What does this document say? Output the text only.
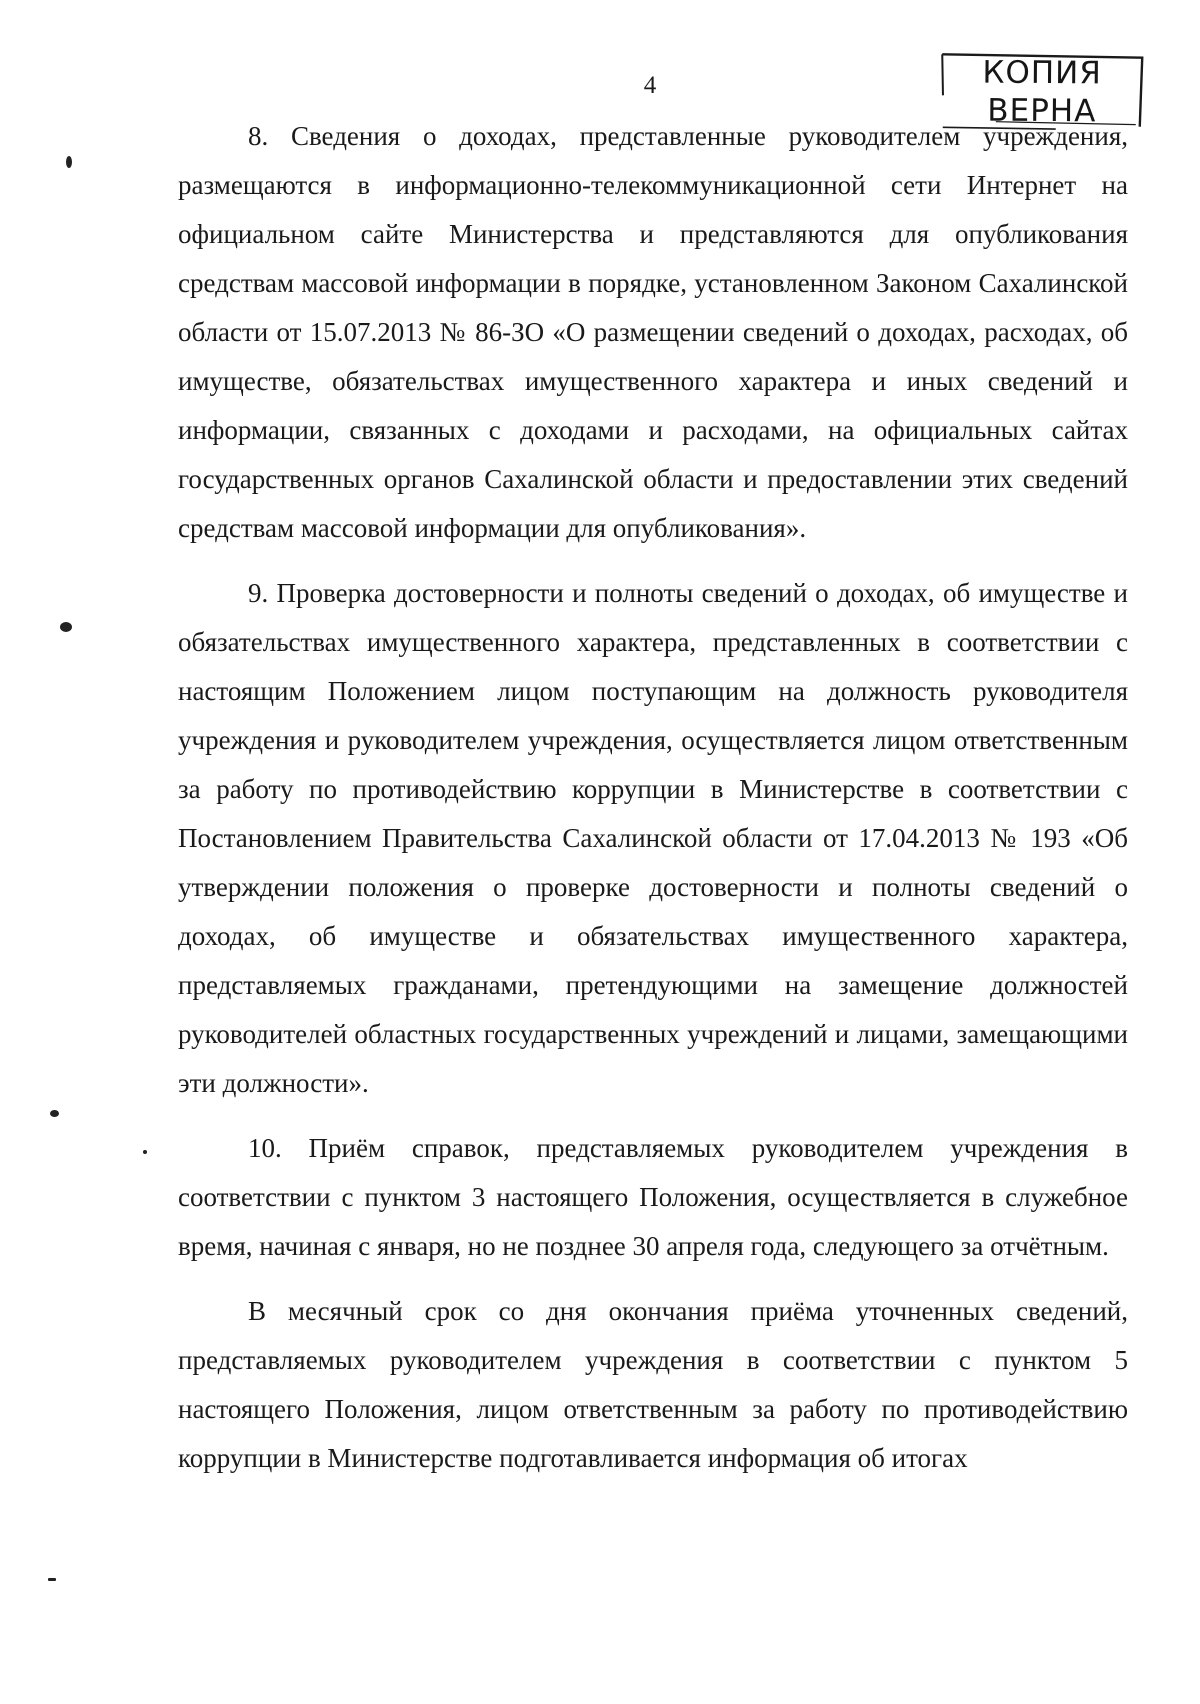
4	КОПИЯ
ВЕРНА

8. Сведения о доходах, представленные руководителем учреждения, размещаются в информационно-телекоммуникационной сети Интернет на официальном сайте Министерства и представляются для опубликования средствам массовой информации в порядке, установленном Законом Сахалинской области от 15.07.2013 № 86-ЗО «О размещении сведений о доходах, расходах, об имуществе, обязательствах имущественного характера и иных сведений и информации, связанных с доходами и расходами, на официальных сайтах государственных органов Сахалинской области и предоставлении этих сведений средствам массовой информации для опубликования».

9. Проверка достоверности и полноты сведений о доходах, об имуществе и обязательствах имущественного характера, представленных в соответствии с настоящим Положением лицом поступающим на должность руководителя учреждения и руководителем учреждения, осуществляется лицом ответственным за работу по противодействию коррупции в Министерстве в соответствии с Постановлением Правительства Сахалинской области от 17.04.2013 № 193 «Об утверждении положения о проверке достоверности и полноты сведений о доходах, об имуществе и обязательствах имущественного характера, представляемых гражданами, претендующими на замещение должностей руководителей областных государственных учреждений и лицами, замещающими эти должности».

10. Приём справок, представляемых руководителем учреждения в соответствии с пунктом 3 настоящего Положения, осуществляется в служебное время, начиная с января, но не позднее 30 апреля года, следующего за отчётным.

В месячный срок со дня окончания приёма уточненных сведений, представляемых руководителем учреждения в соответствии с пунктом 5 настоящего Положения, лицом ответственным за работу по противодействию коррупции в Министерстве подготавливается информация об итогах
